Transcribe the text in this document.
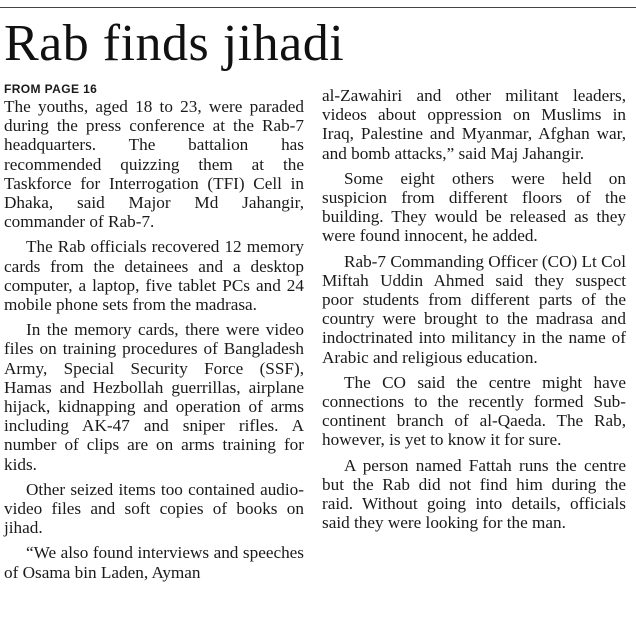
Rab finds jihadi
FROM PAGE 16

The youths, aged 18 to 23, were paraded during the press conference at the Rab-7 headquarters. The battalion has recommended quizzing them at the Taskforce for Interrogation (TFI) Cell in Dhaka, said Major Md Jahangir, commander of Rab-7.

The Rab officials recovered 12 memory cards from the detainees and a desktop computer, a laptop, five tablet PCs and 24 mobile phone sets from the madrasa.

In the memory cards, there were video files on training procedures of Bangladesh Army, Special Security Force (SSF), Hamas and Hezbollah guerrillas, airplane hijack, kidnapping and operation of arms including AK-47 and sniper rifles. A number of clips are on arms training for kids.

Other seized items too contained audio-video files and soft copies of books on jihad.

“We also found interviews and speeches of Osama bin Laden, Ayman

al-Zawahiri and other militant leaders, videos about oppression on Muslims in Iraq, Palestine and Myanmar, Afghan war, and bomb attacks,” said Maj Jahangir.

Some eight others were held on suspicion from different floors of the building. They would be released as they were found innocent, he added.

Rab-7 Commanding Officer (CO) Lt Col Miftah Uddin Ahmed said they suspect poor students from different parts of the country were brought to the madrasa and indoctrinated into militancy in the name of Arabic and religious education.

The CO said the centre might have connections to the recently formed Sub-continent branch of al-Qaeda. The Rab, however, is yet to know it for sure.

A person named Fattah runs the centre but the Rab did not find him during the raid. Without going into details, officials said they were looking for the man.
